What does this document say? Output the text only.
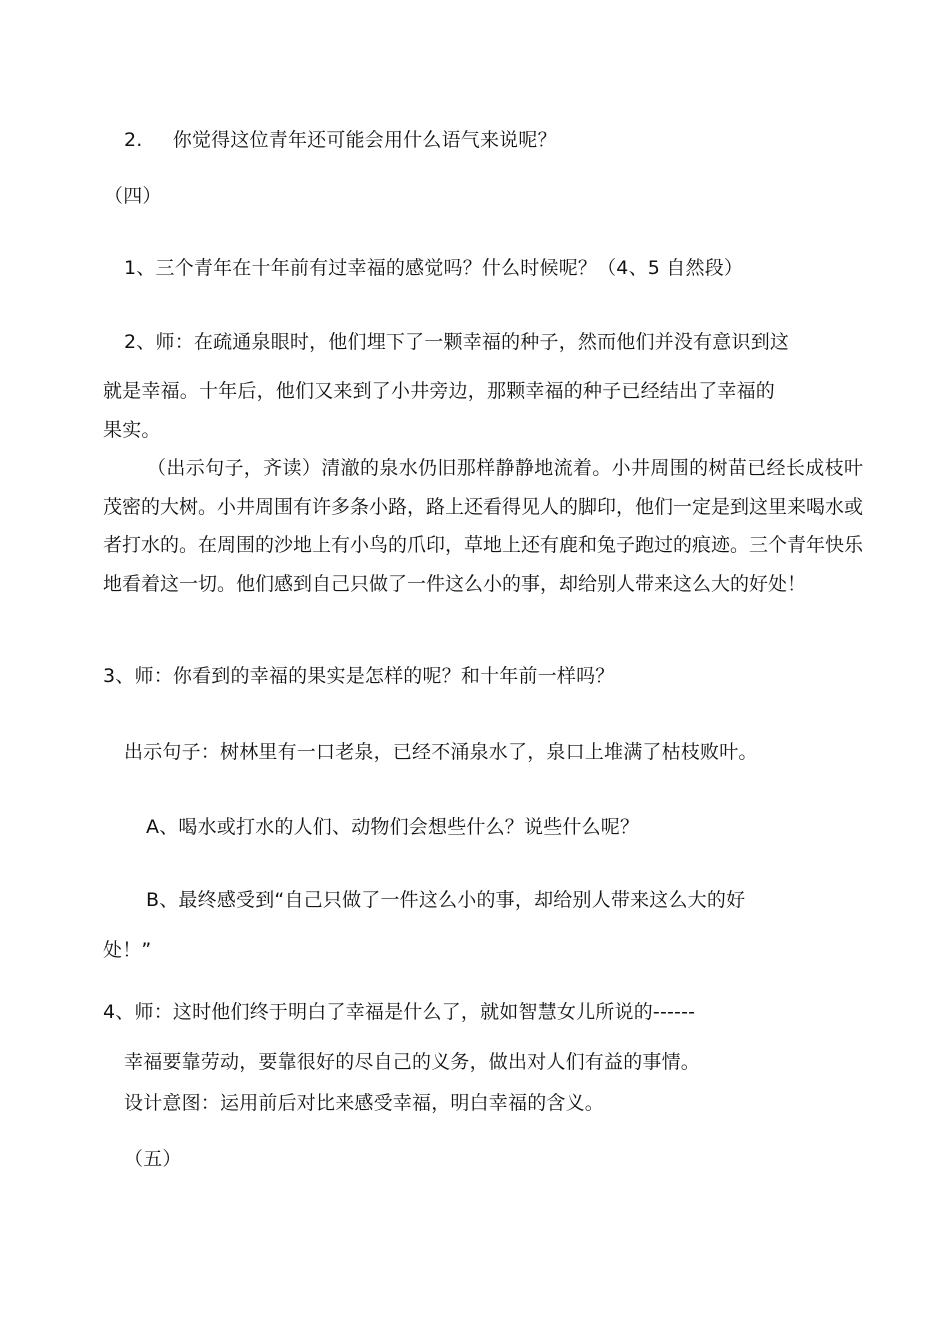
2. 你觉得这位青年还可能会用什么语气来说呢？
（四）
1、三个青年在十年前有过幸福的感觉吗？什么时候呢？（4、5 自然段）
2、师：在疏通泉眼时，他们埋下了一颗幸福的种子，然而他们并没有意识到这
就是幸福。十年后，他们又来到了小井旁边，那颗幸福的种子已经结出了幸福的
果实。

（出示句子，齐读）清澈的泉水仍旧那样静静地流着。小井周围的树苗已经长成枝叶茂密的大树。小井周围有许多条小路，路上还看得见人的脚印，他们一定是到这里来喝水或者打水的。在周围的沙地上有小鸟的爪印，草地上还有鹿和兔子跑过的痕迹。三个青年快乐地看着这一切。他们感到自己只做了一件这么小的事，却给别人带来这么大的好处！

3、师：你看到的幸福的果实是怎样的呢？和十年前一样吗？
出示句子：树林里有一口老泉，已经不涌泉水了，泉口上堆满了枯枝败叶。
A、喝水或打水的人们、动物们会想些什么？说些什么呢？
B、最终感受到“自己只做了一件这么小的事，却给别人带来这么大的好
处！”
4、师：这时他们终于明白了幸福是什么了，就如智慧女儿所说的------
幸福要靠劳动，要靠很好的尽自己的义务，做出对人们有益的事情。
设计意图：运用前后对比来感受幸福，明白幸福的含义。
（五）
